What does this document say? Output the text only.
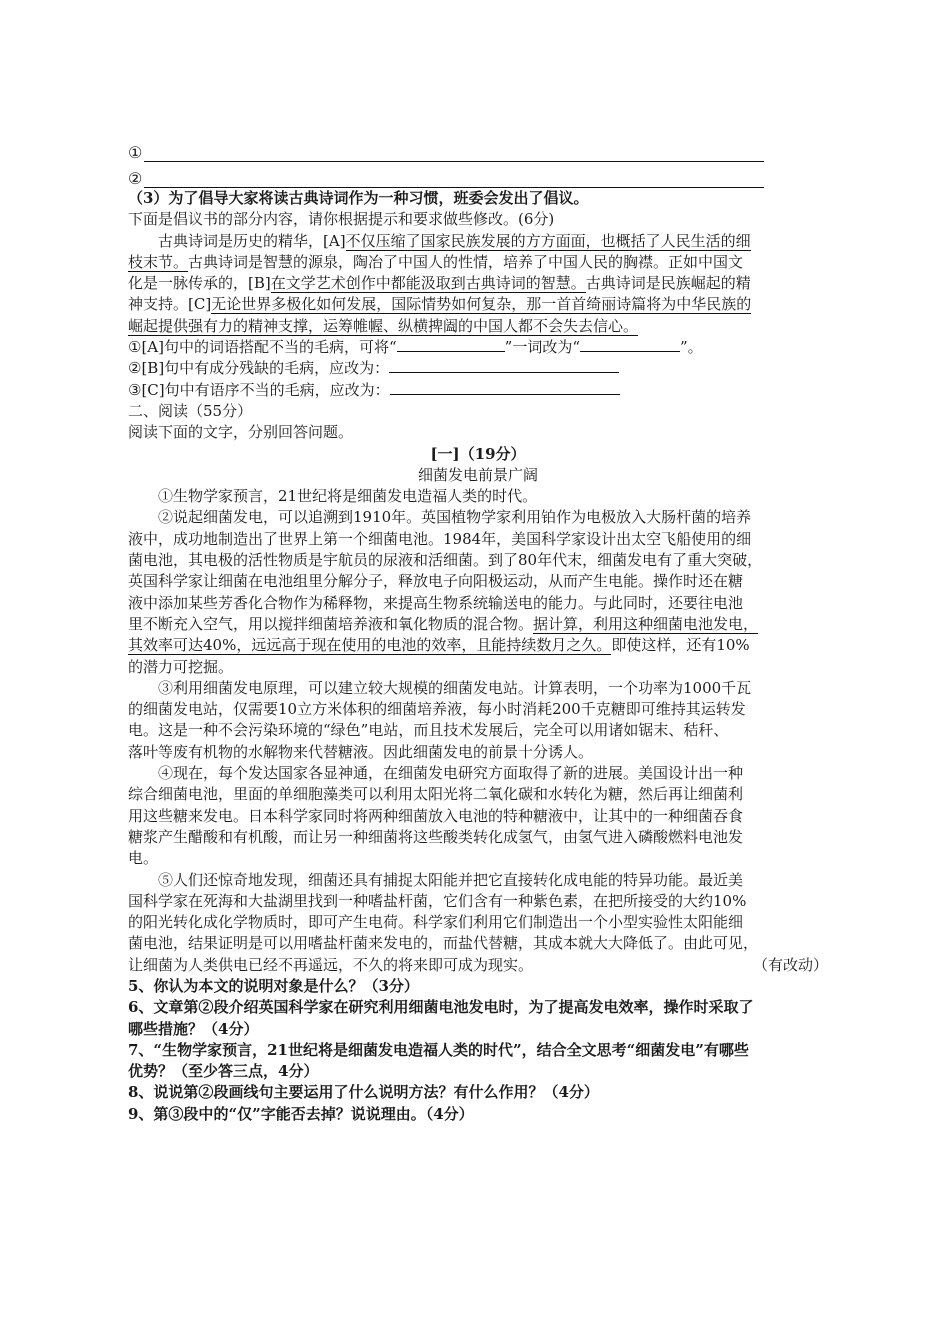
①
②
（3）为了倡导大家将读古典诗词作为一种习惯，班委会发出了倡议。
下面是倡议书的部分内容，请你根据提示和要求做些修改。(6分)
古典诗词是历史的精华，[A]不仅压缩了国家民族发展的方方面面，也概括了人民生活的细
枝末节。古典诗词是智慧的源泉，陶冶了中国人的性情，培养了中国人民的胸襟。正如中国文
化是一脉传承的，[B]在文学艺术创作中都能汲取到古典诗词的智慧。古典诗词是民族崛起的精
神支持。[C]无论世界多极化如何发展，国际情势如何复杂，那一首首绮丽诗篇将为中华民族的
崛起提供强有力的精神支撑，运筹帷幄、纵横捭阖的中国人都不会失去信心。
①[A]句中的词语搭配不当的毛病，可将“	”一词改为“	”。
②[B]句中有成分残缺的毛病，应改为：
③[C]句中有语序不当的毛病，应改为：
二、阅读（55分）
阅读下面的文字，分别回答问题。
[一]（19分）
细菌发电前景广阔
①生物学家预言，21世纪将是细菌发电造福人类的时代。
②说起细菌发电，可以追溯到1910年。英国植物学家利用铂作为电极放入大肠杆菌的培养
液中，成功地制造出了世界上第一个细菌电池。1984年，美国科学家设计出太空飞船使用的细
菌电池，其电极的活性物质是宇航员的尿液和活细菌。到了80年代末，细菌发电有了重大突破，
英国科学家让细菌在电池组里分解分子，释放电子向阳极运动，从而产生电能。操作时还在糖
液中添加某些芳香化合物作为稀释物，来提高生物系统输送电的能力。与此同时，还要往电池
里不断充入空气，用以搅拌细菌培养液和氧化物质的混合物。据计算，利用这种细菌电池发电，
其效率可达40%，远远高于现在使用的电池的效率，且能持续数月之久。即使这样，还有10%
的潜力可挖掘。
③利用细菌发电原理，可以建立较大规模的细菌发电站。计算表明，一个功率为1000千瓦
的细菌发电站，仅需要10立方米体积的细菌培养液，每小时消耗200千克糖即可维持其运转发
电。这是一种不会污染环境的“绿色”电站，而且技术发展后，完全可以用诸如锯末、秸秆、
落叶等废有机物的水解物来代替糖液。因此细菌发电的前景十分诱人。
④现在，每个发达国家各显神通，在细菌发电研究方面取得了新的进展。美国设计出一种
综合细菌电池，里面的单细胞藻类可以利用太阳光将二氧化碳和水转化为糖，然后再让细菌利
用这些糖来发电。日本科学家同时将两种细菌放入电池的特种糖液中，让其中的一种细菌吞食
糖浆产生醋酸和有机酸，而让另一种细菌将这些酸类转化成氢气，由氢气进入磷酸燃料电池发
电。
⑤人们还惊奇地发现，细菌还具有捕捉太阳能并把它直接转化成电能的特异功能。最近美
国科学家在死海和大盐湖里找到一种嗜盐杆菌，它们含有一种紫色素，在把所接受的大约10%
的阳光转化成化学物质时，即可产生电荷。科学家们利用它们制造出一个小型实验性太阳能细
菌电池，结果证明是可以用嗜盐杆菌来发电的，而盐代替糖，其成本就大大降低了。由此可见，
让细菌为人类供电已经不再遥远，不久的将来即可成为现实。	（有改动）
5、你认为本文的说明对象是什么？（3分）
6、文章第②段介绍英国科学家在研究利用细菌电池发电时，为了提高发电效率，操作时采取了
哪些措施？（4分）
7、“生物学家预言，21世纪将是细菌发电造福人类的时代”，结合全文思考“细菌发电”有哪些
优势？（至少答三点，4分）
8、说说第②段画线句主要运用了什么说明方法？有什么作用？（4分）
9、第③段中的“仅”字能否去掉？说说理由。（4分）
